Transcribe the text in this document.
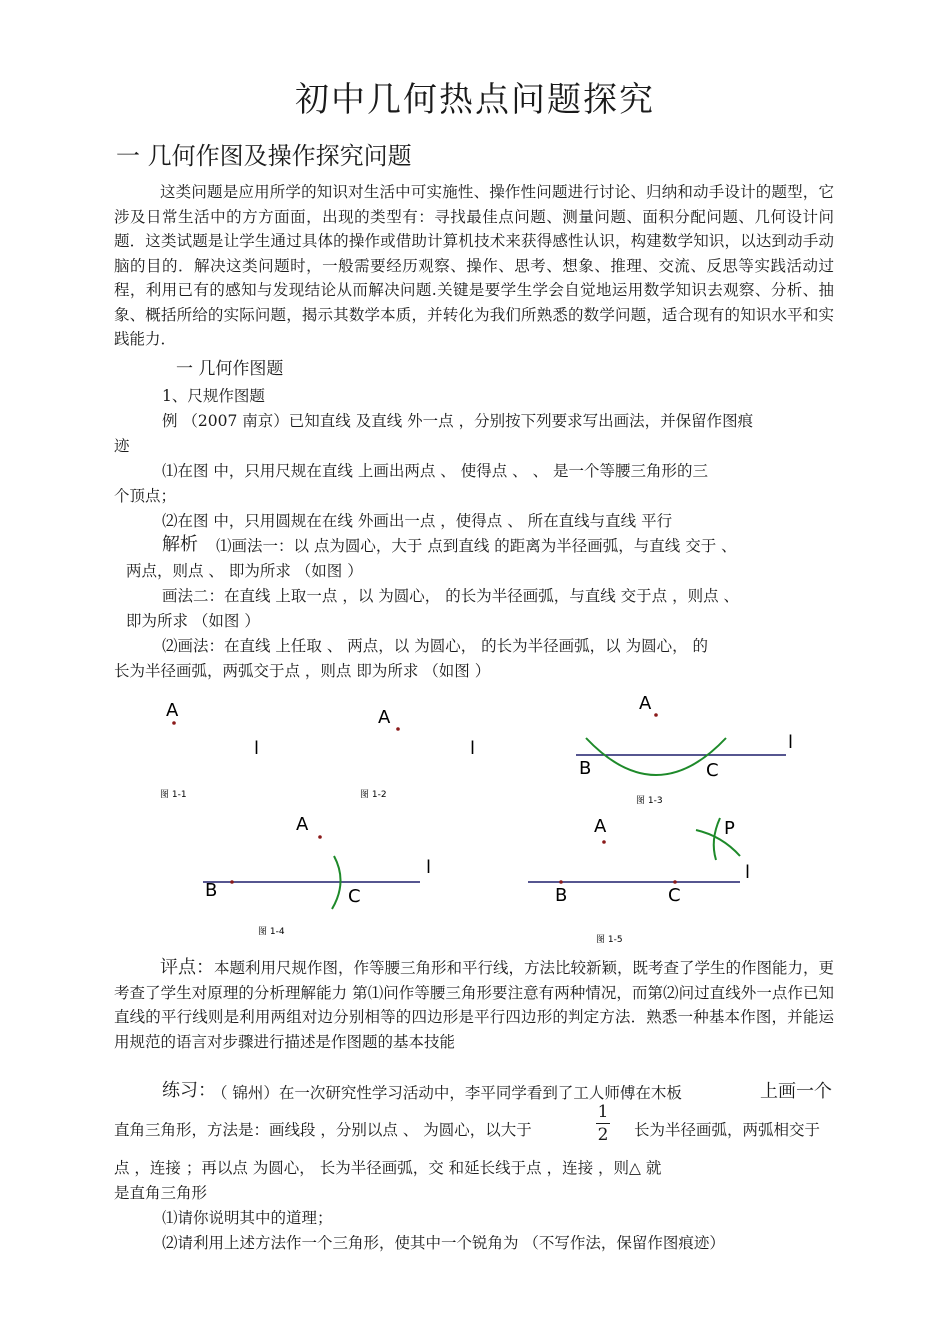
初中几何热点问题探究
一 几何作图及操作探究问题
这类问题是应用所学的知识对生活中可实施性、操作性问题进行讨论、归纳和动手设计的题型，它涉及日常生活中的方方面面，出现的类型有：寻找最佳点问题、测量问题、面积分配问题、几何设计问题．这类试题是让学生通过具体的操作或借助计算机技术来获得感性认识，构建数学知识，以达到动手动脑的目的．解决这类问题时，一般需要经历观察、操作、思考、想象、推理、交流、反思等实践活动过程，利用已有的感知与发现结论从而解决问题.关键是要学生学会自觉地运用数学知识去观察、分析、抽象、概括所给的实际问题，揭示其数学本质，并转化为我们所熟悉的数学问题，适合现有的知识水平和实践能力．
一 几何作图题
1、尺规作图题
例 （2007 南京）已知直线 及直线 外一点 ，分别按下列要求写出画法，并保留作图痕
迹
⑴在图 中，只用尺规在直线 上画出两点 、 使得点 、 、 是一个等腰三角形的三
个顶点；
⑵在图 中，只用圆规在在线 外画出一点 ，使得点 、 所在直线与直线 平行
解析 ⑴画法一：以 点为圆心，大于 点到直线 的距离为半径画弧，与直线 交于 、
两点，则点 、 即为所求 （如图 ）
画法二：在直线 上取一点 ，以 为圆心， 的长为半径画弧，与直线 交于点 ，则点 、
即为所求 （如图 ）
⑵画法：在直线 上任取 、 两点，以 为圆心， 的长为半径画弧，以 为圆心， 的
长为半径画弧，两弧交于点 ，则点 即为所求 （如图 ）
A
l
图 1-1
A
l
图 1-2
A
l
B	C
图 1-3
A
l
B	C
图 1-4
A	P
l
B	C
图 1-5
评点：本题利用尺规作图，作等腰三角形和平行线，方法比较新颖，既考查了学生的作图能力，更考查了学生对原理的分析理解能力 第⑴问作等腰三角形要注意有两种情况，而第⑵问过直线外一点作已知直线的平行线则是利用两组对边分别相等的四边形是平行四边形的判定方法．熟悉一种基本作图，并能运用规范的语言对步骤进行描述是作图题的基本技能
练习：
（ 锦州）在一次研究性学习活动中，李平同学看到了工人师傅在木板	上画一个
直角三角形，方法是：画线段 ，分别以点 、 为圆心，以大于
1
2 长为半径画弧，两弧相交于
点 ，连接 ；再以点 为圆心， 长为半径画弧，交 和延长线于点 ，连接 ，则△ 就
是直角三角形
⑴请你说明其中的道理；
⑵请利用上述方法作一个三角形，使其中一个锐角为 （不写作法，保留作图痕迹）
